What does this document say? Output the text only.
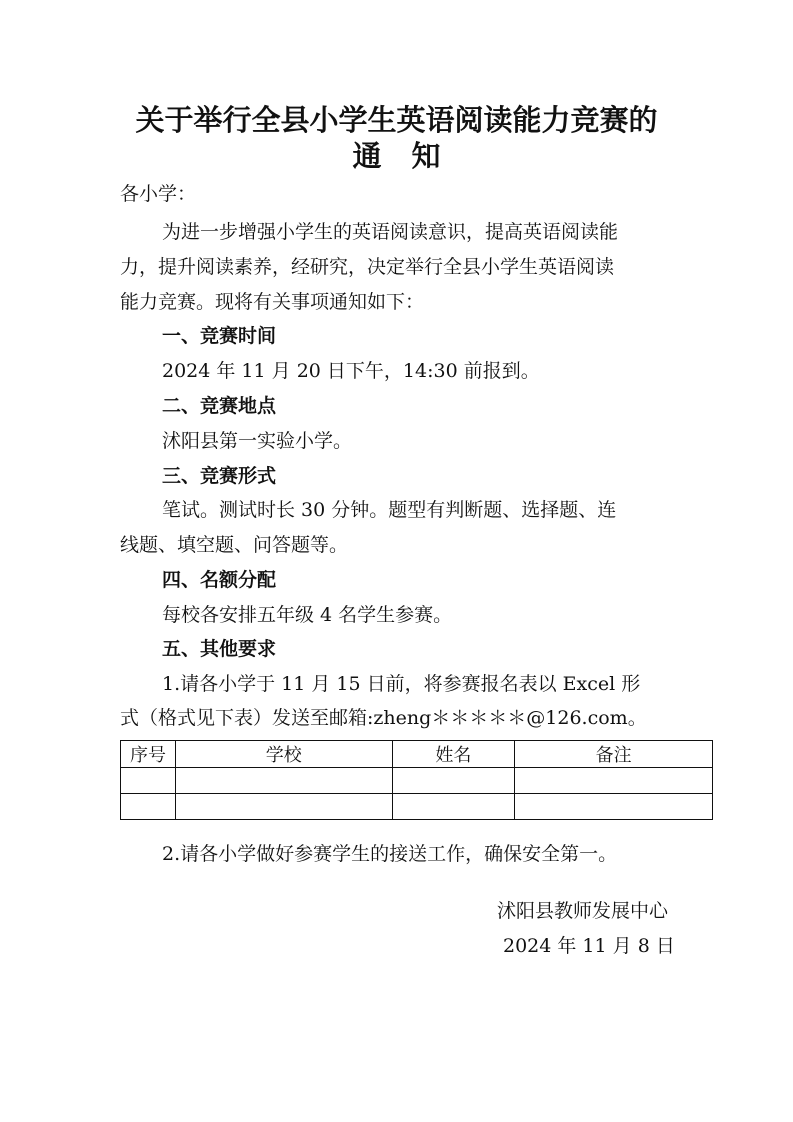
关于举行全县小学生英语阅读能力竞赛的
通知
各小学：
为进一步增强小学生的英语阅读意识，提高英语阅读能
力，提升阅读素养，经研究，决定举行全县小学生英语阅读
能力竞赛。现将有关事项通知如下：
一、竞赛时间
2024 年 11 月 20 日下午，14:30 前报到。
二、竞赛地点
沭阳县第一实验小学。
三、竞赛形式
笔试。测试时长 30 分钟。题型有判断题、选择题、连
线题、填空题、问答题等。
四、名额分配
每校各安排五年级 4 名学生参赛。
五、其他要求
1.请各小学于 11 月 15 日前，将参赛报名表以 Excel 形
式（格式见下表）发送至邮箱:zheng＊＊＊＊＊@126.com。
序号	学校	姓名	备注

2.请各小学做好参赛学生的接送工作，确保安全第一。
沭阳县教师发展中心
2024 年 11 月 8 日
